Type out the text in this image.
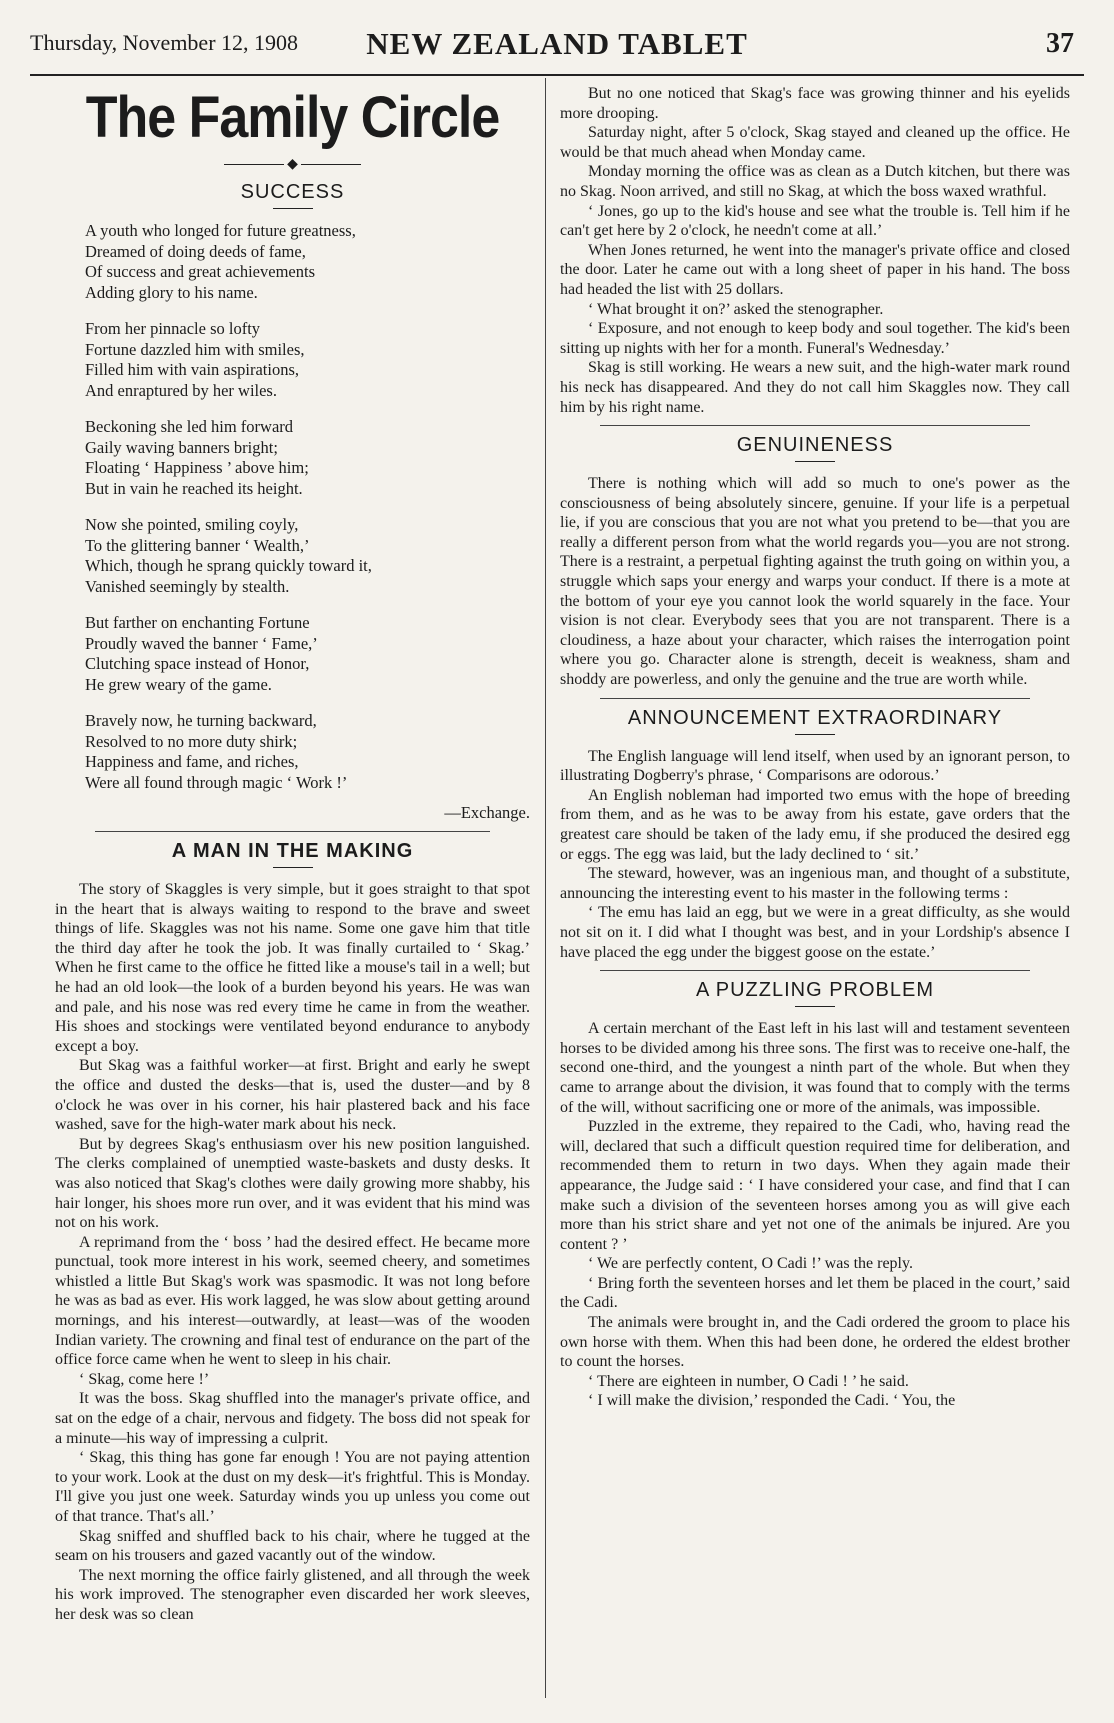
Thursday, November 12, 1908	NEW ZEALAND TABLET	37
The Family Circle
◆
SUCCESS

A youth who longed for future greatness,

Dreamed of doing deeds of fame,

Of success and great achievements

Adding glory to his name.

From her pinnacle so lofty

Fortune dazzled him with smiles,

Filled him with vain aspirations,

And enraptured by her wiles.

Beckoning she led him forward

Gaily waving banners bright;

Floating ‘ Happiness ’ above him;

But in vain he reached its height.

Now she pointed, smiling coyly,

To the glittering banner ‘ Wealth,’

Which, though he sprang quickly toward it,

Vanished seemingly by stealth.

But farther on enchanting Fortune

Proudly waved the banner ‘ Fame,’

Clutching space instead of Honor,

He grew weary of the game.

Bravely now, he turning backward,

Resolved to no more duty shirk;

Happiness and fame, and riches,

Were all found through magic ‘ Work !’

—Exchange.
A MAN IN THE MAKING

The story of Skaggles is very simple, but it goes straight to that spot in the heart that is always waiting to respond to the brave and sweet things of life. Skaggles was not his name. Some one gave him that title the third day after he took the job. It was finally curtailed to ‘ Skag.’ When he first came to the office he fitted like a mouse's tail in a well; but he had an old look—the look of a burden beyond his years. He was wan and pale, and his nose was red every time he came in from the weather. His shoes and stockings were ventilated beyond endurance to anybody except a boy.

But Skag was a faithful worker—at first. Bright and early he swept the office and dusted the desks—that is, used the duster—and by 8 o'clock he was over in his corner, his hair plastered back and his face washed, save for the high-water mark about his neck.

But by degrees Skag's enthusiasm over his new position languished. The clerks complained of unemptied waste-baskets and dusty desks. It was also noticed that Skag's clothes were daily growing more shabby, his hair longer, his shoes more run over, and it was evident that his mind was not on his work.

A reprimand from the ‘ boss ’ had the desired effect. He became more punctual, took more interest in his work, seemed cheery, and sometimes whistled a little But Skag's work was spasmodic. It was not long before he was as bad as ever. His work lagged, he was slow about getting around mornings, and his interest—outwardly, at least—was of the wooden Indian variety. The crowning and final test of endurance on the part of the office force came when he went to sleep in his chair.

‘ Skag, come here !’

It was the boss. Skag shuffled into the manager's private office, and sat on the edge of a chair, nervous and fidgety. The boss did not speak for a minute—his way of impressing a culprit.

‘ Skag, this thing has gone far enough ! You are not paying attention to your work. Look at the dust on my desk—it's frightful. This is Monday. I'll give you just one week. Saturday winds you up unless you come out of that trance. That's all.’

Skag sniffed and shuffled back to his chair, where he tugged at the seam on his trousers and gazed vacantly out of the window.

The next morning the office fairly glistened, and all through the week his work improved. The stenographer even discarded her work sleeves, her desk was so clean

But no one noticed that Skag's face was growing thinner and his eyelids more drooping.

Saturday night, after 5 o'clock, Skag stayed and cleaned up the office. He would be that much ahead when Monday came.

Monday morning the office was as clean as a Dutch kitchen, but there was no Skag. Noon arrived, and still no Skag, at which the boss waxed wrathful.

‘ Jones, go up to the kid's house and see what the trouble is. Tell him if he can't get here by 2 o'clock, he needn't come at all.’

When Jones returned, he went into the manager's private office and closed the door. Later he came out with a long sheet of paper in his hand. The boss had headed the list with 25 dollars.

‘ What brought it on?’ asked the stenographer.

‘ Exposure, and not enough to keep body and soul together. The kid's been sitting up nights with her for a month. Funeral's Wednesday.’

Skag is still working. He wears a new suit, and the high-water mark round his neck has disappeared. And they do not call him Skaggles now. They call him by his right name.

GENUINENESS

There is nothing which will add so much to one's power as the consciousness of being absolutely sincere, genuine. If your life is a perpetual lie, if you are conscious that you are not what you pretend to be—that you are really a different person from what the world regards you—you are not strong. There is a restraint, a perpetual fighting against the truth going on within you, a struggle which saps your energy and warps your conduct. If there is a mote at the bottom of your eye you cannot look the world squarely in the face. Your vision is not clear. Everybody sees that you are not transparent. There is a cloudiness, a haze about your character, which raises the interrogation point where you go. Character alone is strength, deceit is weakness, sham and shoddy are powerless, and only the genuine and the true are worth while.

ANNOUNCEMENT EXTRAORDINARY

The English language will lend itself, when used by an ignorant person, to illustrating Dogberry's phrase, ‘ Comparisons are odorous.’

An English nobleman had imported two emus with the hope of breeding from them, and as he was to be away from his estate, gave orders that the greatest care should be taken of the lady emu, if she produced the desired egg or eggs. The egg was laid, but the lady declined to ‘ sit.’

The steward, however, was an ingenious man, and thought of a substitute, announcing the interesting event to his master in the following terms :

‘ The emu has laid an egg, but we were in a great difficulty, as she would not sit on it. I did what I thought was best, and in your Lordship's absence I have placed the egg under the biggest goose on the estate.’

A PUZZLING PROBLEM

A certain merchant of the East left in his last will and testament seventeen horses to be divided among his three sons. The first was to receive one-half, the second one-third, and the youngest a ninth part of the whole. But when they came to arrange about the division, it was found that to comply with the terms of the will, without sacrificing one or more of the animals, was impossible.

Puzzled in the extreme, they repaired to the Cadi, who, having read the will, declared that such a difficult question required time for deliberation, and recommended them to return in two days. When they again made their appearance, the Judge said : ‘ I have considered your case, and find that I can make such a division of the seventeen horses among you as will give each more than his strict share and yet not one of the animals be injured. Are you content ? ’

‘ We are perfectly content, O Cadi !’ was the reply.

‘ Bring forth the seventeen horses and let them be placed in the court,’ said the Cadi.

The animals were brought in, and the Cadi ordered the groom to place his own horse with them. When this had been done, he ordered the eldest brother to count the horses.

‘ There are eighteen in number, O Cadi ! ’ he said.

‘ I will make the division,’ responded the Cadi. ‘ You, the
